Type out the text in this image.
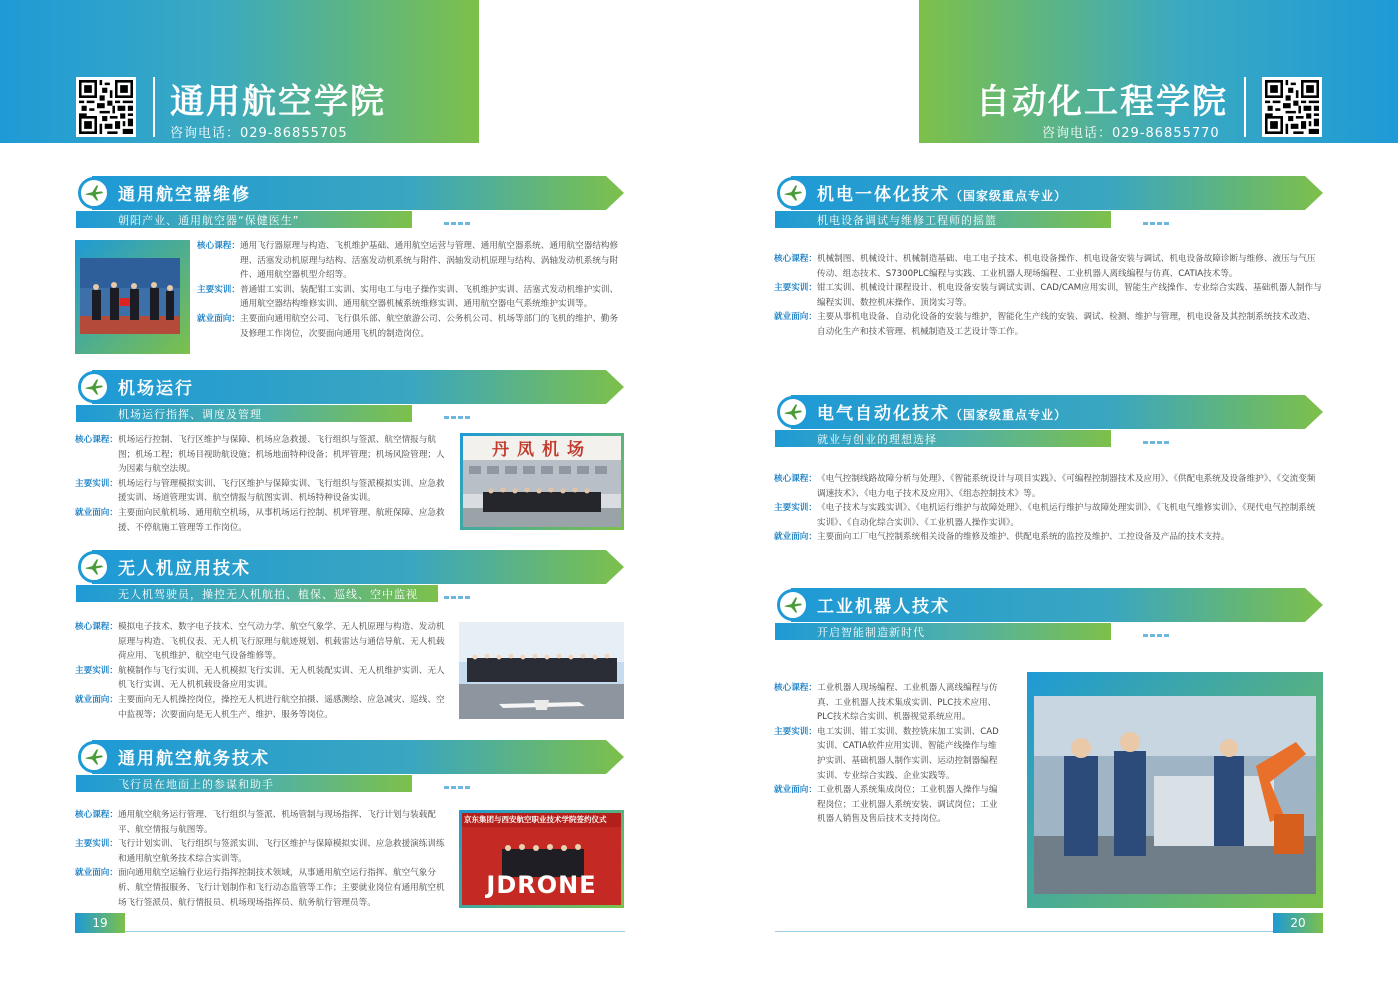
通用航空学院
咨询电话：029-86855705
自动化工程学院
咨询电话：029-86855770
通用航空器维修
朝阳产业、通用航空器“保健医生”
核心课程： 通用飞行器原理与构造、飞机维护基础、通用航空运营与管理、通用航空器系统、通用航空器结构修理、活塞发动机原理与结构、活塞发动机系统与附件、涡轴发动机原理与结构、涡轴发动机系统与附件、通用航空器机型介绍等。
主要实训： 普通钳工实训、装配钳工实训、实用电工与电子操作实训、飞机维护实训、活塞式发动机维护实训、通用航空器结构维修实训、通用航空器机械系统维修实训、通用航空器电气系统维护实训等。
就业面向： 主要面向通用航空公司、飞行俱乐部、航空旅游公司、公务机公司、机场等部门的飞机的维护、勤务及修理工作岗位，次要面向通用飞机的制造岗位。
机场运行
机场运行指挥、调度及管理
核心课程： 机场运行控制、飞行区维护与保障、机场应急救援、飞行组织与签派、航空情报与航图；机场工程；机场目视助航设施；机场地面特种设备；机坪管理；机场风险管理；人为因素与航空法规。
主要实训： 机场运行与管理模拟实训、飞行区维护与保障实训、飞行组织与签派模拟实训、应急救援实训、场道管理实训、航空情报与航图实训、机场特种设备实训。
就业面向： 主要面向民航机场、通用航空机场，从事机场运行控制、机坪管理、航班保障、应急救援、不停航施工管理等工作岗位。
丹凤机场
无人机应用技术
无人机驾驶员，操控无人机航拍、植保、巡线、空中监视
核心课程： 模拟电子技术、数字电子技术、空气动力学、航空气象学、无人机原理与构造、发动机原理与构造、飞机仪表、无人机飞行原理与航迹规划、机载雷达与通信导航、无人机载荷应用、飞机维护、航空电气设备维修等。
主要实训： 航模制作与飞行实训、无人机模拟飞行实训、无人机装配实训、无人机维护实训、无人机飞行实训、无人机机载设备应用实训。
就业面向： 主要面向无人机操控岗位，操控无人机进行航空拍摄、遥感测绘、应急减灾、巡线、空中监视等；次要面向是无人机生产、维护、服务等岗位。
通用航空航务技术
飞行员在地面上的参谋和助手
核心课程： 通用航空航务运行管理、飞行组织与签派、机场管制与现场指挥、飞行计划与装载配平、航空情报与航图等。
主要实训： 飞行计划实训、飞行组织与签派实训、飞行区维护与保障模拟实训、应急救援演练训练和通用航空航务技术综合实训等。
就业面向： 面向通用航空运输行业运行指挥控制技术领域，从事通用航空运行指挥、航空气象分析、航空情报服务、飞行计划制作和飞行动态监管等工作；主要就业岗位有通用航空机场飞行签派员、航行情报员、机场现场指挥员、航务航行管理员等。
京东集团与西安航空职业技术学院签约仪式
JDRONE
机电一体化技术（国家级重点专业）
机电设备调试与维修工程师的摇篮
核心课程： 机械制图、机械设计、机械制造基础、电工电子技术、机电设备操作、机电设备安装与调试、机电设备故障诊断与维修、液压与气压传动、组态技术、S7300PLC编程与实践、工业机器人现场编程、工业机器人离线编程与仿真、CATIA技术等。
主要实训： 钳工实训、机械设计课程设计、机电设备安装与调试实训、CAD/CAM应用实训，智能生产线操作、专业综合实践、基础机器人制作与编程实训、数控机床操作、顶岗实习等。
就业面向： 主要从事机电设备、自动化设备的安装与维护，智能化生产线的安装、调试、检测、维护与管理，机电设备及其控制系统技术改造、自动化生产和技术管理、机械制造及工艺设计等工作。
电气自动化技术（国家级重点专业）
就业与创业的理想选择
核心课程： 《电气控制线路故障分析与处理》、《智能系统设计与项目实践》、《可编程控制器技术及应用》、《供配电系统及设备维护》、《交流变频调速技术》、《电力电子技术及应用》、《组态控制技术》等。
主要实训： 《电子技术与实践实训》、《电机运行维护与故障处理》、《电机运行维护与故障处理实训》、《飞机电气维修实训》、《现代电气控制系统实训》、《自动化综合实训》、《工业机器人操作实训》。
就业面向： 主要面向工厂电气控制系统相关设备的维修及维护、供配电系统的监控及维护、工控设备及产品的技术支持。
工业机器人技术
开启智能制造新时代
核心课程： 工业机器人现场编程、工业机器人离线编程与仿真、工业机器人技术集成实训、PLC技术应用、PLC技术综合实训、机器视觉系统应用。
主要实训： 电工实训、钳工实训、数控铣床加工实训、CAD实训、CATIA软件应用实训、智能产线操作与维护实训、基础机器人制作实训、运动控制器编程实训、专业综合实践、企业实践等。
就业面向： 工业机器人系统集成岗位；工业机器人操作与编程岗位；工业机器人系统安装、调试岗位；工业机器人销售及售后技术支持岗位。
19	20
